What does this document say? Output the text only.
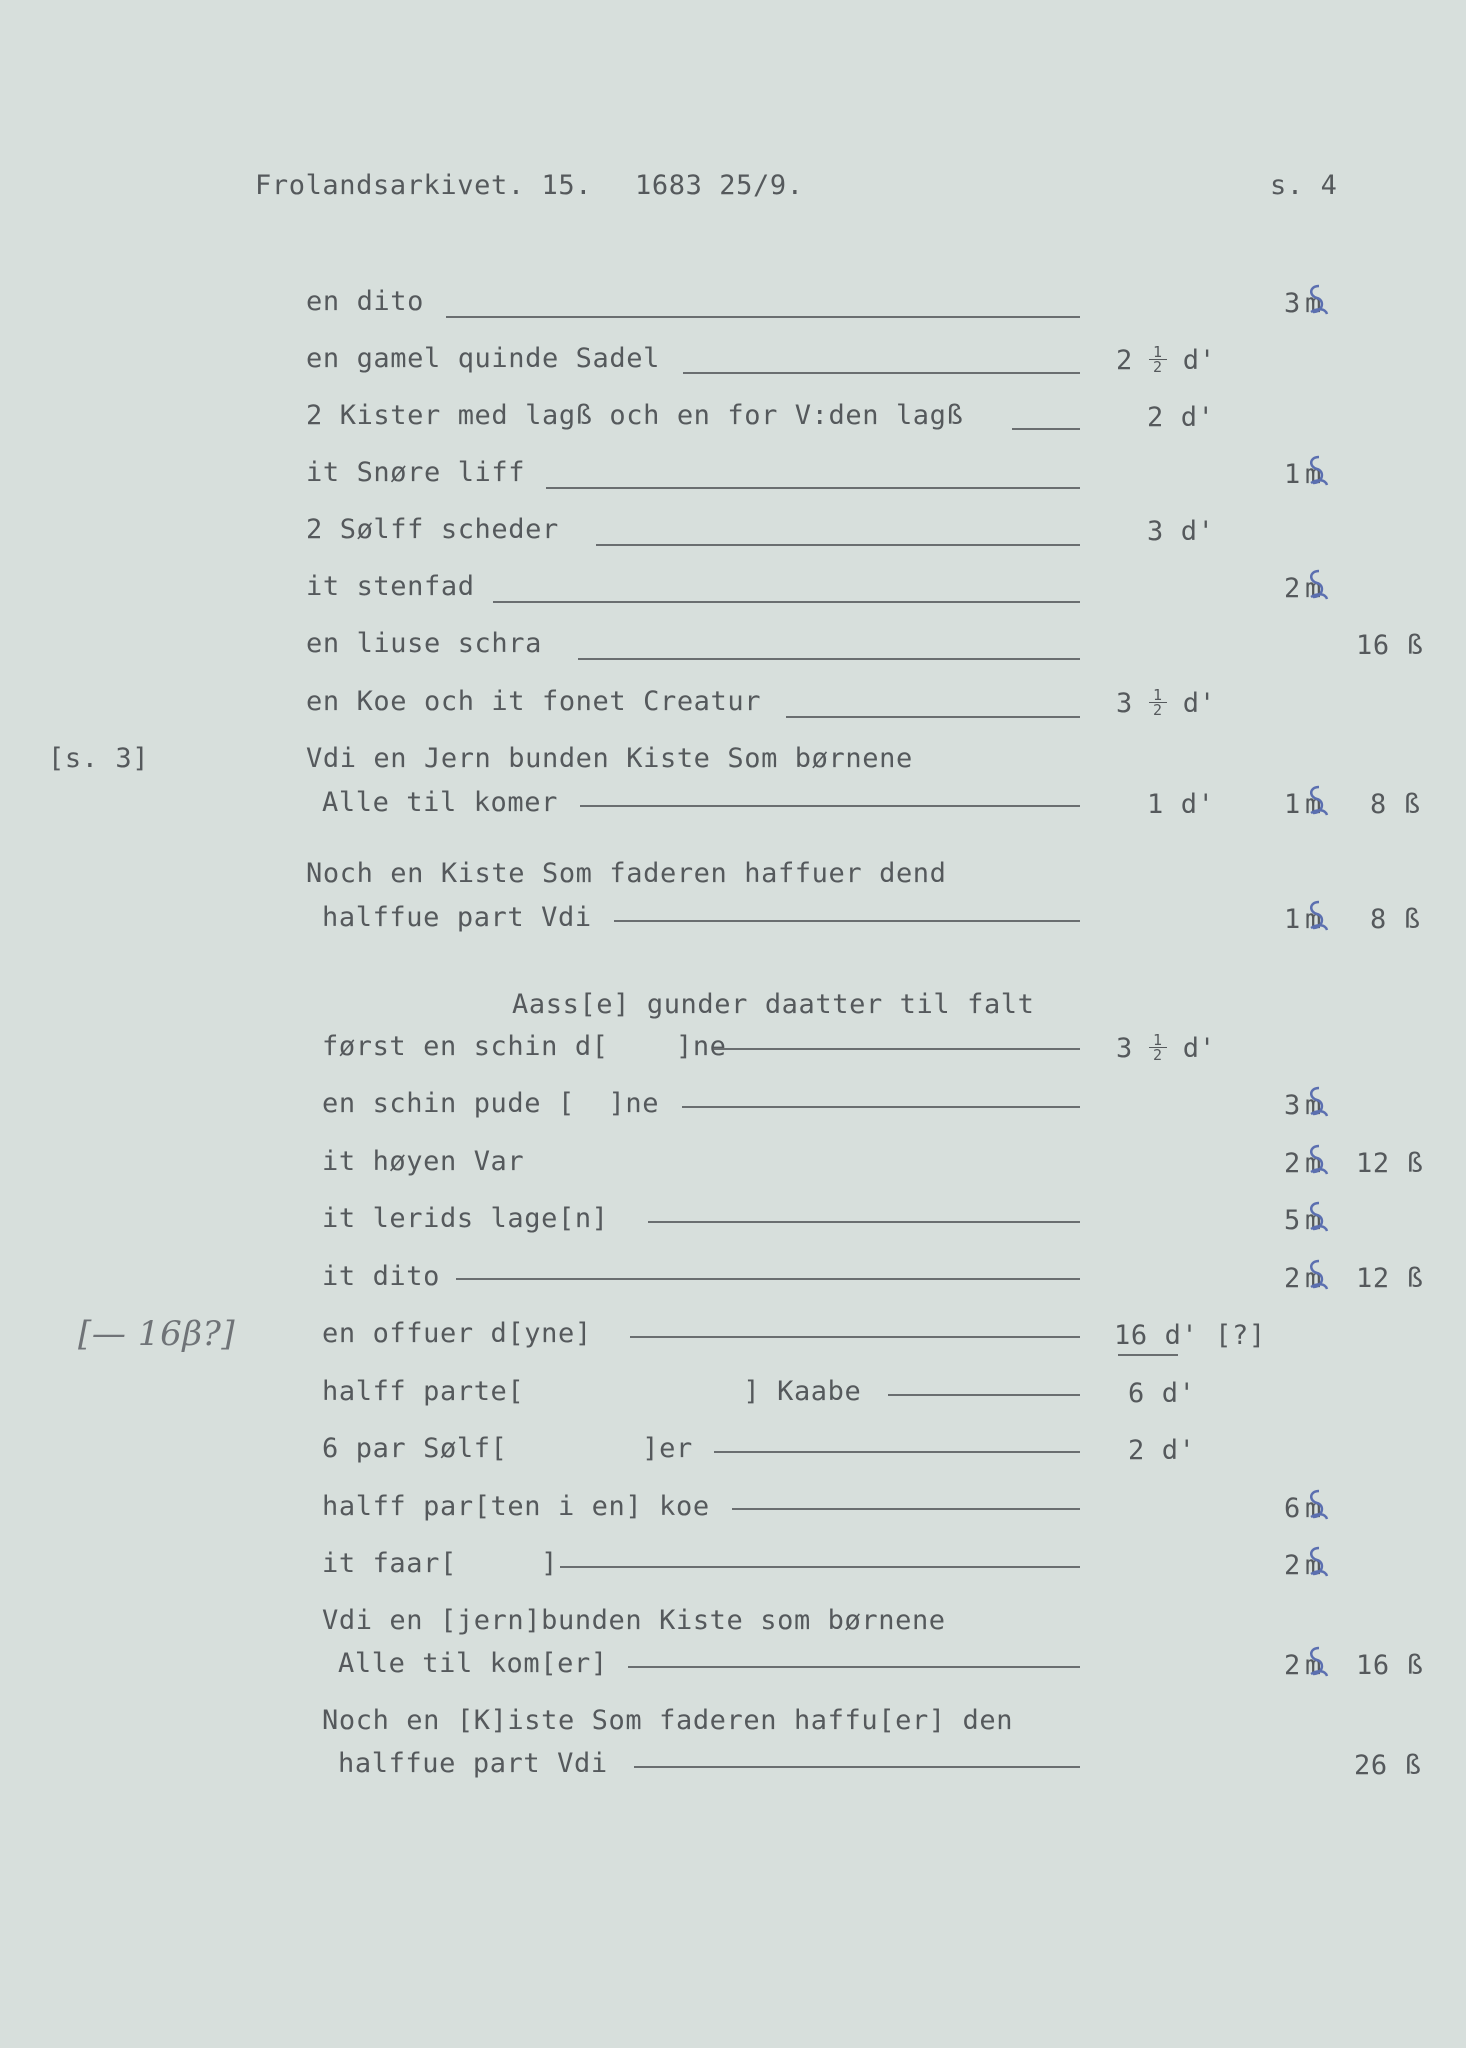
Frolandsarkivet. 15. 1683 25/9.	s. 4
en dito	3 m
en gamel quinde Sadel	$2 \frac{1}{2} d'$
2 Kister med lagß och en for V:den lagß	2 d'
it Snøre liff	1 m
2 Sølff scheder	3 d'
it stenfad	2 m
en liuse schra	16 ß
en Koe och it fonet Creatur	$3 \frac{1}{2} d'$
[s. 3]	Vdi en Jern bunden Kiste Som børnene
Alle til komer	1 d'	1 m 8 ß
Noch en Kiste Som faderen haffuer dend
halffue part Vdi	1 m 8 ß
Aass[e] gunder daatter til falt
først en schin d[    ]ne	$3 \frac{1}{2} d'$
en schin pude [  ]ne	3 m
it høyen Var	2 m 12 ß
it lerids lage[n]	5 m
it dito	2 m 12 ß
[— 16β?]	en offuer d[yne]	16 d' [?]
halff parte[             ] Kaabe	6 d'
6 par Sølf[        ]er	2 d'
halff par[ten i en] koe	6 m
it faar[     ]	2 m
Vdi en [jern]bunden Kiste som børnene
Alle til kom[er]	2 m 16 ß
Noch en [K]iste Som faderen haffu[er] den
halffue part Vdi	26 ß
